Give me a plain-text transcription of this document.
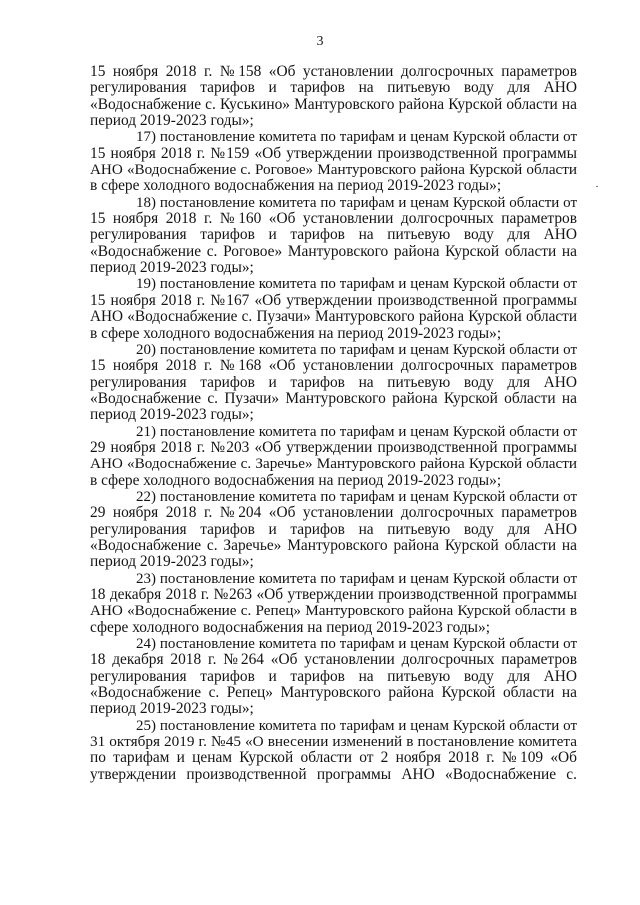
3
15 ноября 2018 г. №158 «Об установлении долгосрочных параметров
регулирования тарифов и тарифов на питьевую воду для АНО
«Водоснабжение с. Куськино» Мантуровского района Курской области на
период 2019-2023 годы»;
17) постановление комитета по тарифам и ценам Курской области от
15 ноября 2018 г. №159 «Об утверждении производственной программы
АНО «Водоснабжение с. Роговое» Мантуровского района Курской области
в сфере холодного водоснабжения на период 2019-2023 годы»;
18) постановление комитета по тарифам и ценам Курской области от
15 ноября 2018 г. №160 «Об установлении долгосрочных параметров
регулирования тарифов и тарифов на питьевую воду для АНО
«Водоснабжение с. Роговое» Мантуровского района Курской области на
период 2019-2023 годы»;
19) постановление комитета по тарифам и ценам Курской области от
15 ноября 2018 г. №167 «Об утверждении производственной программы
АНО «Водоснабжение с. Пузачи» Мантуровского района Курской области
в сфере холодного водоснабжения на период 2019-2023 годы»;
20) постановление комитета по тарифам и ценам Курской области от
15 ноября 2018 г. №168 «Об установлении долгосрочных параметров
регулирования тарифов и тарифов на питьевую воду для АНО
«Водоснабжение с. Пузачи» Мантуровского района Курской области на
период 2019-2023 годы»;
21) постановление комитета по тарифам и ценам Курской области от
29 ноября 2018 г. №203 «Об утверждении производственной программы
АНО «Водоснабжение с. Заречье» Мантуровского района Курской области
в сфере холодного водоснабжения на период 2019-2023 годы»;
22) постановление комитета по тарифам и ценам Курской области от
29 ноября 2018 г. №204 «Об установлении долгосрочных параметров
регулирования тарифов и тарифов на питьевую воду для АНО
«Водоснабжение с. Заречье» Мантуровского района Курской области на
период 2019-2023 годы»;
23) постановление комитета по тарифам и ценам Курской области от
18 декабря 2018 г. №263 «Об утверждении производственной программы
АНО «Водоснабжение с. Репец» Мантуровского района Курской области в
сфере холодного водоснабжения на период 2019-2023 годы»;
24) постановление комитета по тарифам и ценам Курской области от
18 декабря 2018 г. №264 «Об установлении долгосрочных параметров
регулирования тарифов и тарифов на питьевую воду для АНО
«Водоснабжение с. Репец» Мантуровского района Курской области на
период 2019-2023 годы»;
25) постановление комитета по тарифам и ценам Курской области от
31 октября 2019 г. №45 «О внесении изменений в постановление комитета
по тарифам и ценам Курской области от 2 ноября 2018 г. №109 «Об
утверждении производственной программы АНО «Водоснабжение с.
